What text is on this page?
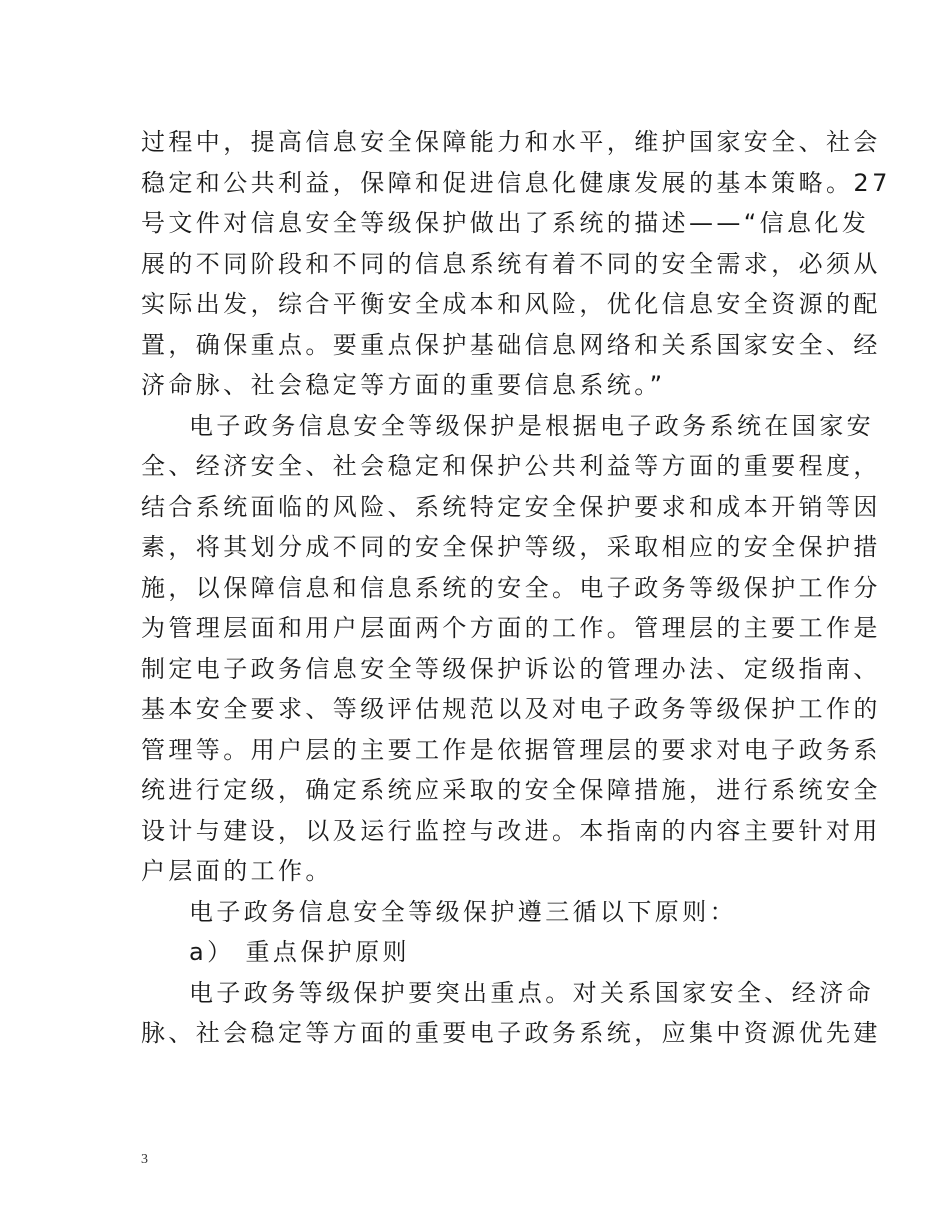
过程中，提高信息安全保障能力和水平，维护国家安全、社会
稳定和公共利益，保障和促进信息化健康发展的基本策略。27
号文件对信息安全等级保护做出了系统的描述——“信息化发
展的不同阶段和不同的信息系统有着不同的安全需求，必须从
实际出发，综合平衡安全成本和风险，优化信息安全资源的配
置，确保重点。要重点保护基础信息网络和关系国家安全、经
济命脉、社会稳定等方面的重要信息系统。”
电子政务信息安全等级保护是根据电子政务系统在国家安
全、经济安全、社会稳定和保护公共利益等方面的重要程度，
结合系统面临的风险、系统特定安全保护要求和成本开销等因
素，将其划分成不同的安全保护等级，采取相应的安全保护措
施，以保障信息和信息系统的安全。电子政务等级保护工作分
为管理层面和用户层面两个方面的工作。管理层的主要工作是
制定电子政务信息安全等级保护诉讼的管理办法、定级指南、
基本安全要求、等级评估规范以及对电子政务等级保护工作的
管理等。用户层的主要工作是依据管理层的要求对电子政务系
统进行定级，确定系统应采取的安全保障措施，进行系统安全
设计与建设，以及运行监控与改进。本指南的内容主要针对用
户层面的工作。
电子政务信息安全等级保护遵三循以下原则：
a） 重点保护原则
电子政务等级保护要突出重点。对关系国家安全、经济命
脉、社会稳定等方面的重要电子政务系统，应集中资源优先建
3
